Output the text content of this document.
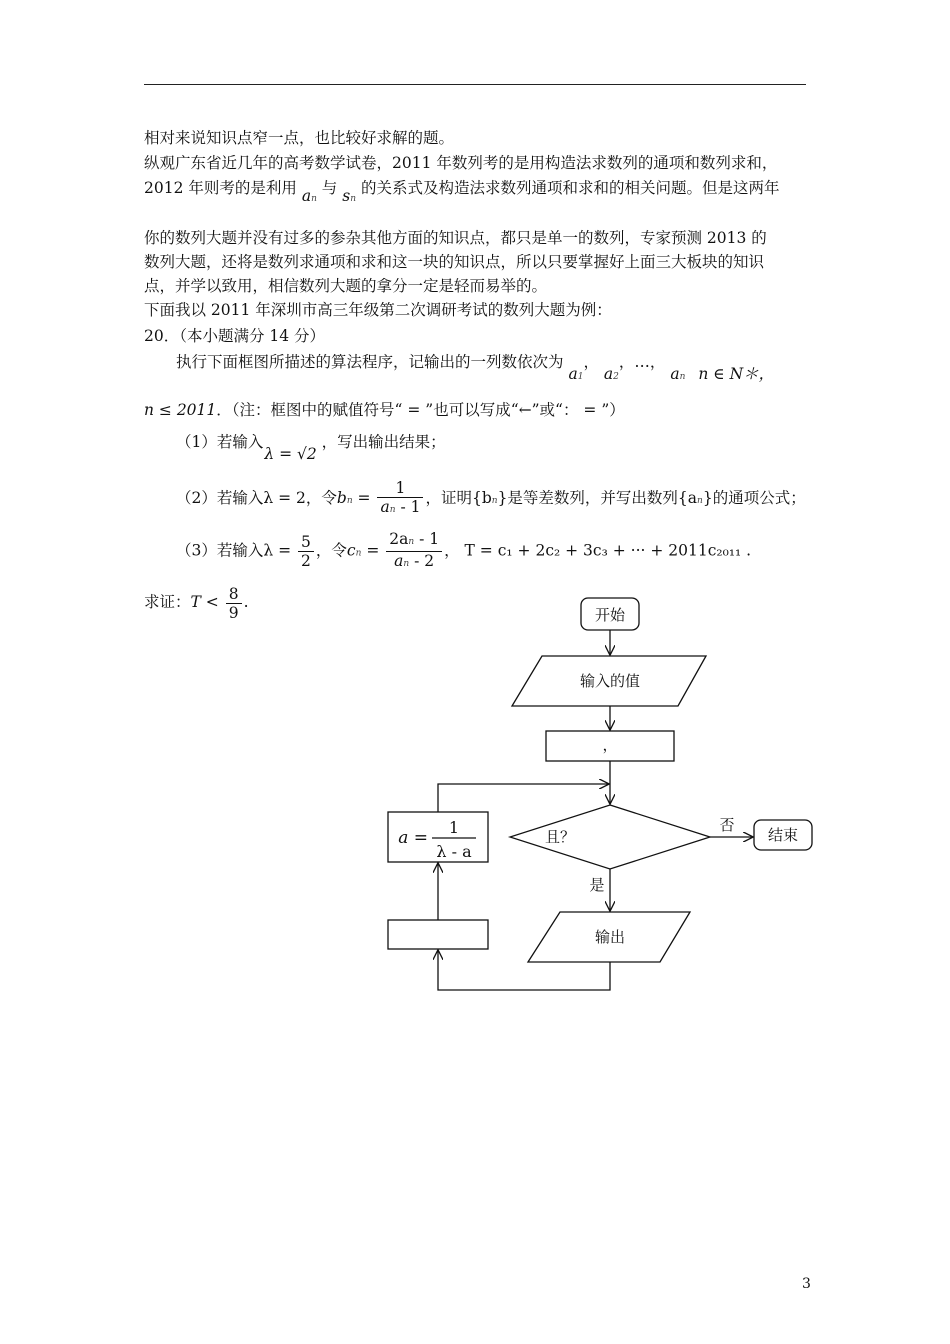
相对来说知识点窄一点，也比较好求解的题。
纵观广东省近几年的高考数学试卷，2011 年数列考的是用构造法求数列的通项和数列求和，
2012 年则考的是利用 an 与 sn 的关系式及构造法求数列通项和求和的相关问题。但是这两年
你的数列大题并没有过多的参杂其他方面的知识点，都只是单一的数列，专家预测 2013 的
数列大题，还将是数列求通项和求和这一块的知识点，所以只要掌握好上面三大板块的知识
点，并学以致用，相信数列大题的拿分一定是轻而易举的。
下面我以 2011 年深圳市高三年级第二次调研考试的数列大题为例：
20．（本小题满分 14 分）
执行下面框图所描述的算法程序，记输出的一列数依次为 a1， a2，…， an n ∈ N＊，
n ≤ 2011．（注：框图中的赋值符号“ = ”也可以写成“←”或“： = ”）
（1）若输入 λ = √2 ，写出输出结果；
（2）若输入λ = 2，令bn = $\frac{1}{an - 1}$ ，证明{bn}是等差数列，并写出数列{an}的通项公式；
（3）若输入$\lambda = \frac{5}{2}$ ，令cn = $\frac{2an - 1}{an - 2}$ ， T = c₁ + 2c₂ + 3c₃ + ··· + 2011c₂₀₁₁ .
求证：$T < \frac{8}{9}$ .
开始
输入的值
，
且？
否
结束
是
输出
a =
1
λ - a
3
